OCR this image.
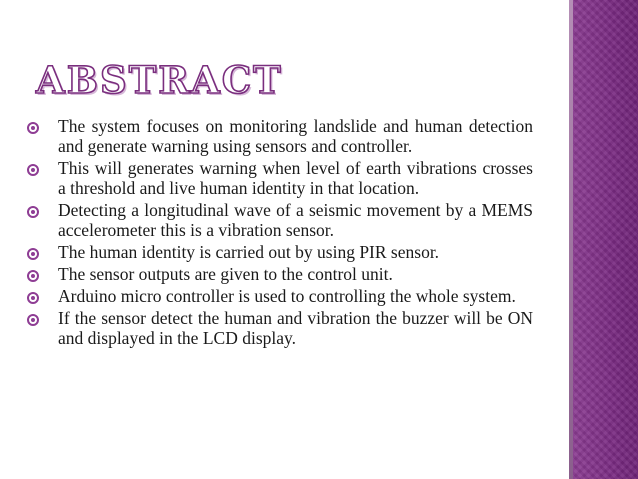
ABSTRACT
The system focuses on monitoring landslide and human detection and generate warning using sensors and controller.
This will generates warning when level of earth vibrations crosses a threshold and live human identity in that location.
Detecting a longitudinal wave of a seismic movement by a MEMS accelerometer this is a vibration sensor.
The human identity is carried out by using PIR sensor.
The sensor outputs are given to the control unit.
Arduino micro controller is used to controlling the whole system.
If the sensor detect the human and vibration the buzzer will be ON and displayed in the LCD display.
